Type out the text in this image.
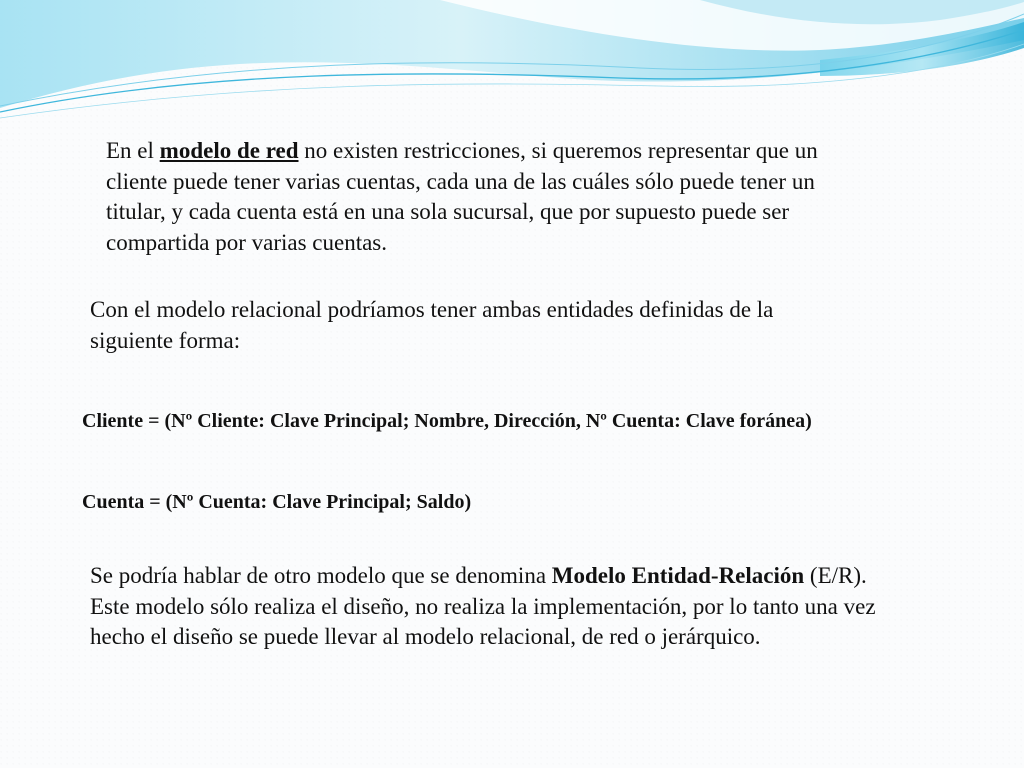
En el modelo de red no existen restricciones, si queremos representar que un cliente puede tener varias cuentas, cada una de las cuáles sólo puede tener un titular, y cada cuenta está en una sola sucursal, que por supuesto puede ser compartida por varias cuentas.

Con el modelo relacional podríamos tener ambas entidades definidas de la siguiente forma:

Cliente = (Nº Cliente: Clave Principal; Nombre, Dirección, Nº Cuenta: Clave foránea)

Cuenta = (Nº Cuenta: Clave Principal; Saldo)

Se podría hablar de otro modelo que se denomina Modelo Entidad-Relación (E/R). Este modelo sólo realiza el diseño, no realiza la implementación, por lo tanto una vez hecho el diseño se puede llevar al modelo relacional, de red o jerárquico.
